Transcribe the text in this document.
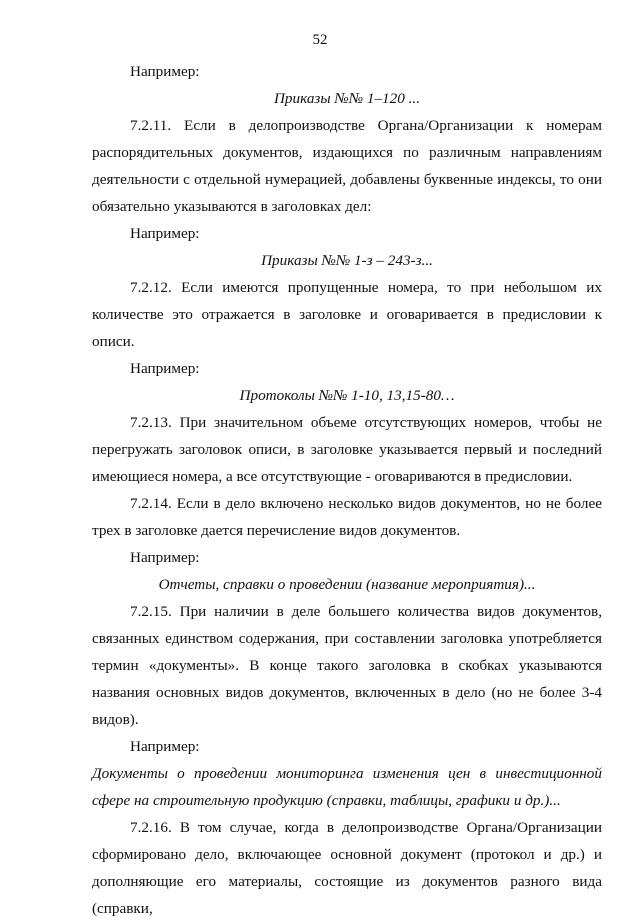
52

Например:

Приказы №№ 1–120 ...

7.2.11. Если в делопроизводстве Органа/Организации к номерам распорядительных документов, издающихся по различным направлениям деятельности с отдельной нумерацией, добавлены буквенные индексы, то они обязательно указываются в заголовках дел:

Например:

Приказы №№ 1-з – 243-з...

7.2.12. Если имеются пропущенные номера, то при небольшом их количестве это отражается в заголовке и оговаривается в предисловии к описи.

Например:

Протоколы №№ 1-10, 13,15-80…

7.2.13. При значительном объеме отсутствующих номеров, чтобы не перегружать заголовок описи, в заголовке указывается первый и последний имеющиеся номера, а все отсутствующие - оговариваются в предисловии.

7.2.14. Если в дело включено несколько видов документов, но не более трех в заголовке дается перечисление видов документов.

Например:

Отчеты, справки о проведении (название мероприятия)...

7.2.15. При наличии в деле большего количества видов документов, связанных единством содержания, при составлении заголовка употребляется термин «документы». В конце такого заголовка в скобках указываются названия основных видов документов, включенных в дело (но не более 3-4 видов).

Например:

Документы о проведении мониторинга изменения цен в инвестиционной сфере на строительную продукцию (справки, таблицы, графики и др.)...

7.2.16. В том случае, когда в делопроизводстве Органа/Организации сформировано дело, включающее основной документ (протокол и др.) и дополняющие его материалы, состоящие из документов разного вида (справки,
